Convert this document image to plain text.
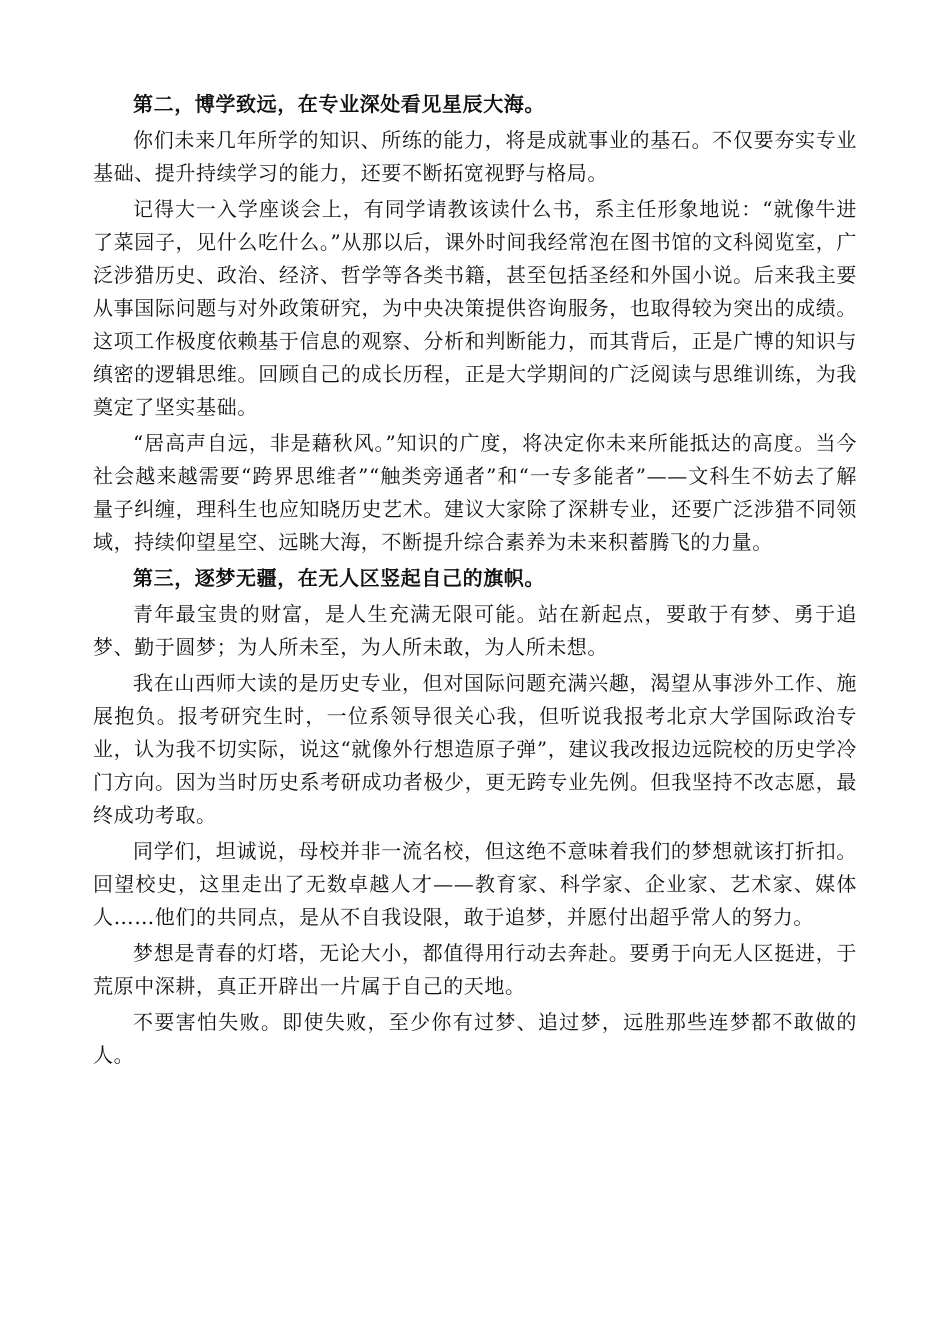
第二，博学致远，在专业深处看见星辰大海。

你们未来几年所学的知识、所练的能力，将是成就事业的基石。不仅要夯实专业基础、提升持续学习的能力，还要不断拓宽视野与格局。

记得大一入学座谈会上，有同学请教该读什么书，系主任形象地说：“就像牛进了菜园子，见什么吃什么。”从那以后，课外时间我经常泡在图书馆的文科阅览室，广泛涉猎历史、政治、经济、哲学等各类书籍，甚至包括圣经和外国小说。后来我主要从事国际问题与对外政策研究，为中央决策提供咨询服务，也取得较为突出的成绩。这项工作极度依赖基于信息的观察、分析和判断能力，而其背后，正是广博的知识与缜密的逻辑思维。回顾自己的成长历程，正是大学期间的广泛阅读与思维训练，为我奠定了坚实基础。

“居高声自远，非是藉秋风。”知识的广度，将决定你未来所能抵达的高度。当今社会越来越需要“跨界思维者”“触类旁通者”和“一专多能者”——文科生不妨去了解量子纠缠，理科生也应知晓历史艺术。建议大家除了深耕专业，还要广泛涉猎不同领域，持续仰望星空、远眺大海，不断提升综合素养为未来积蓄腾飞的力量。

第三，逐梦无疆，在无人区竖起自己的旗帜。

青年最宝贵的财富，是人生充满无限可能。站在新起点，要敢于有梦、勇于追梦、勤于圆梦；为人所未至，为人所未敢，为人所未想。

我在山西师大读的是历史专业，但对国际问题充满兴趣，渴望从事涉外工作、施展抱负。报考研究生时，一位系领导很关心我，但听说我报考北京大学国际政治专业，认为我不切实际，说这“就像外行想造原子弹”，建议我改报边远院校的历史学冷门方向。因为当时历史系考研成功者极少，更无跨专业先例。但我坚持不改志愿，最终成功考取。

同学们，坦诚说，母校并非一流名校，但这绝不意味着我们的梦想就该打折扣。回望校史，这里走出了无数卓越人才——教育家、科学家、企业家、艺术家、媒体人……他们的共同点，是从不自我设限，敢于追梦，并愿付出超乎常人的努力。

梦想是青春的灯塔，无论大小，都值得用行动去奔赴。要勇于向无人区挺进，于荒原中深耕，真正开辟出一片属于自己的天地。

不要害怕失败。即使失败，至少你有过梦、追过梦，远胜那些连梦都不敢做的人。
